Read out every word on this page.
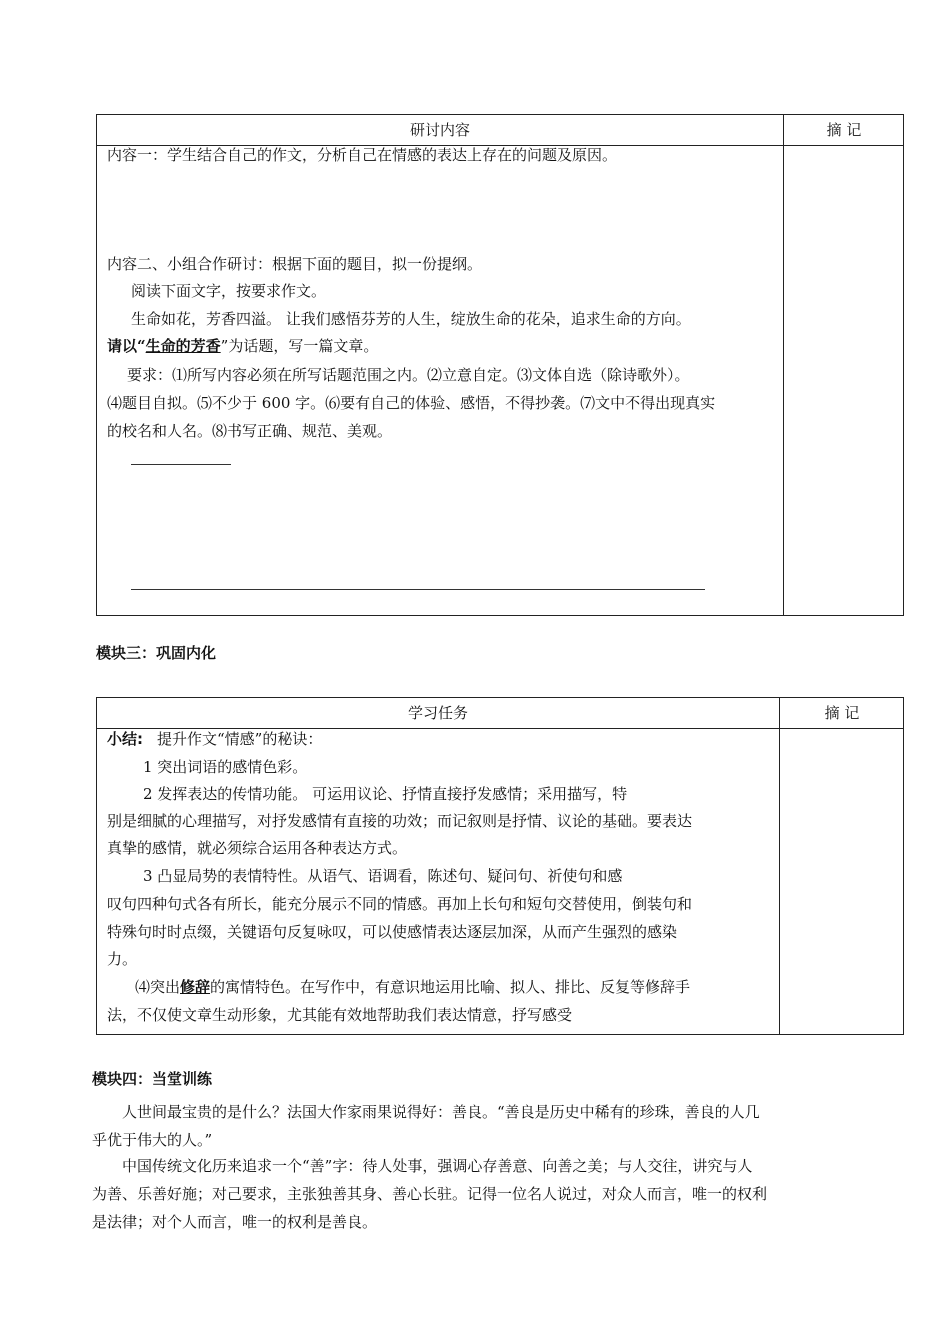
研讨内容	摘 记
内容一：学生结合自己的作文，分析自己在情感的表达上存在的问题及原因。
内容二、小组合作研讨：根据下面的题目，拟一份提纲。
阅读下面文字，按要求作文。
生命如花，芳香四溢。 让我们感悟芬芳的人生，绽放生命的花朵，追求生命的方向。
请以“生命的芳香”为话题，写一篇文章。
要求：⑴所写内容必须在所写话题范围之内。⑵立意自定。⑶文体自选（除诗歌外）。
⑷题目自拟。⑸不少于 600 字。⑹要有自己的体验、感悟，不得抄袭。⑺文中不得出现真实
的校名和人名。⑻书写正确、规范、美观。
模块三：巩固内化
学习任务	摘 记
小结: 提升作文“情感”的秘诀：
1 突出词语的感情色彩。
2 发挥表达的传情功能。 可运用议论、抒情直接抒发感情；采用描写，特
别是细腻的心理描写，对抒发感情有直接的功效；而记叙则是抒情、议论的基础。要表达
真挚的感情，就必须综合运用各种表达方式。
3 凸显局势的表情特性。从语气、语调看，陈述句、疑问句、祈使句和感
叹句四种句式各有所长，能充分展示不同的情感。再加上长句和短句交替使用，倒装句和
特殊句时时点缀，关键语句反复咏叹，可以使感情表达逐层加深，从而产生强烈的感染
力。
⑷突出修辞的寓情特色。在写作中，有意识地运用比喻、拟人、排比、反复等修辞手
法，不仅使文章生动形象，尤其能有效地帮助我们表达情意，抒写感受
模块四：当堂训练
人世间最宝贵的是什么？法国大作家雨果说得好：善良。“善良是历史中稀有的珍珠，善良的人几
乎优于伟大的人。”
中国传统文化历来追求一个“善”字：待人处事，强调心存善意、向善之美；与人交往，讲究与人
为善、乐善好施；对己要求，主张独善其身、善心长驻。记得一位名人说过，对众人而言，唯一的权利
是法律；对个人而言，唯一的权利是善良。
